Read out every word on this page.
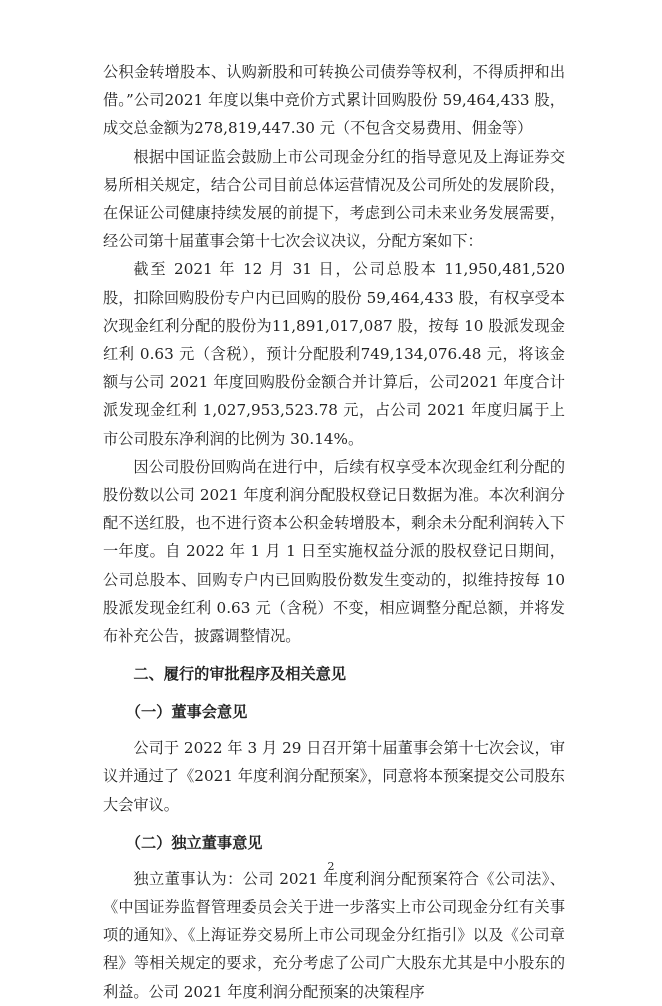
公积金转增股本、认购新股和可转换公司债券等权利，不得质押和出借。”公司2021 年度以集中竞价方式累计回购股份 59,464,433 股，成交总金额为278,819,447.30 元（不包含交易费用、佣金等）

根据中国证监会鼓励上市公司现金分红的指导意见及上海证券交易所相关规定，结合公司目前总体运营情况及公司所处的发展阶段，在保证公司健康持续发展的前提下，考虑到公司未来业务发展需要，经公司第十届董事会第十七次会议决议，分配方案如下：

截至 2021 年 12 月 31 日，公司总股本 11,950,481,520 股，扣除回购股份专户内已回购的股份 59,464,433 股，有权享受本次现金红利分配的股份为11,891,017,087 股，按每 10 股派发现金红利 0.63 元（含税），预计分配股利749,134,076.48 元，将该金额与公司 2021 年度回购股份金额合并计算后，公司2021 年度合计派发现金红利 1,027,953,523.78 元，占公司 2021 年度归属于上市公司股东净利润的比例为 30.14%。

因公司股份回购尚在进行中，后续有权享受本次现金红利分配的股份数以公司 2021 年度利润分配股权登记日数据为准。本次利润分配不送红股，也不进行资本公积金转增股本，剩余未分配利润转入下一年度。自 2022 年 1 月 1 日至实施权益分派的股权登记日期间，公司总股本、回购专户内已回购股份数发生变动的，拟维持按每 10 股派发现金红利 0.63 元（含税）不变，相应调整分配总额，并将发布补充公告，披露调整情况。

二、履行的审批程序及相关意见
（一）董事会意见

公司于 2022 年 3 月 29 日召开第十届董事会第十七次会议，审议并通过了《2021 年度利润分配预案》，同意将本预案提交公司股东大会审议。

（二）独立董事意见

独立董事认为：公司 2021 年度利润分配预案符合《公司法》、《中国证券监督管理委员会关于进一步落实上市公司现金分红有关事项的通知》、《上海证券交易所上市公司现金分红指引》以及《公司章程》等相关规定的要求，充分考虑了公司广大股东尤其是中小股东的利益。公司 2021 年度利润分配预案的决策程序

2
